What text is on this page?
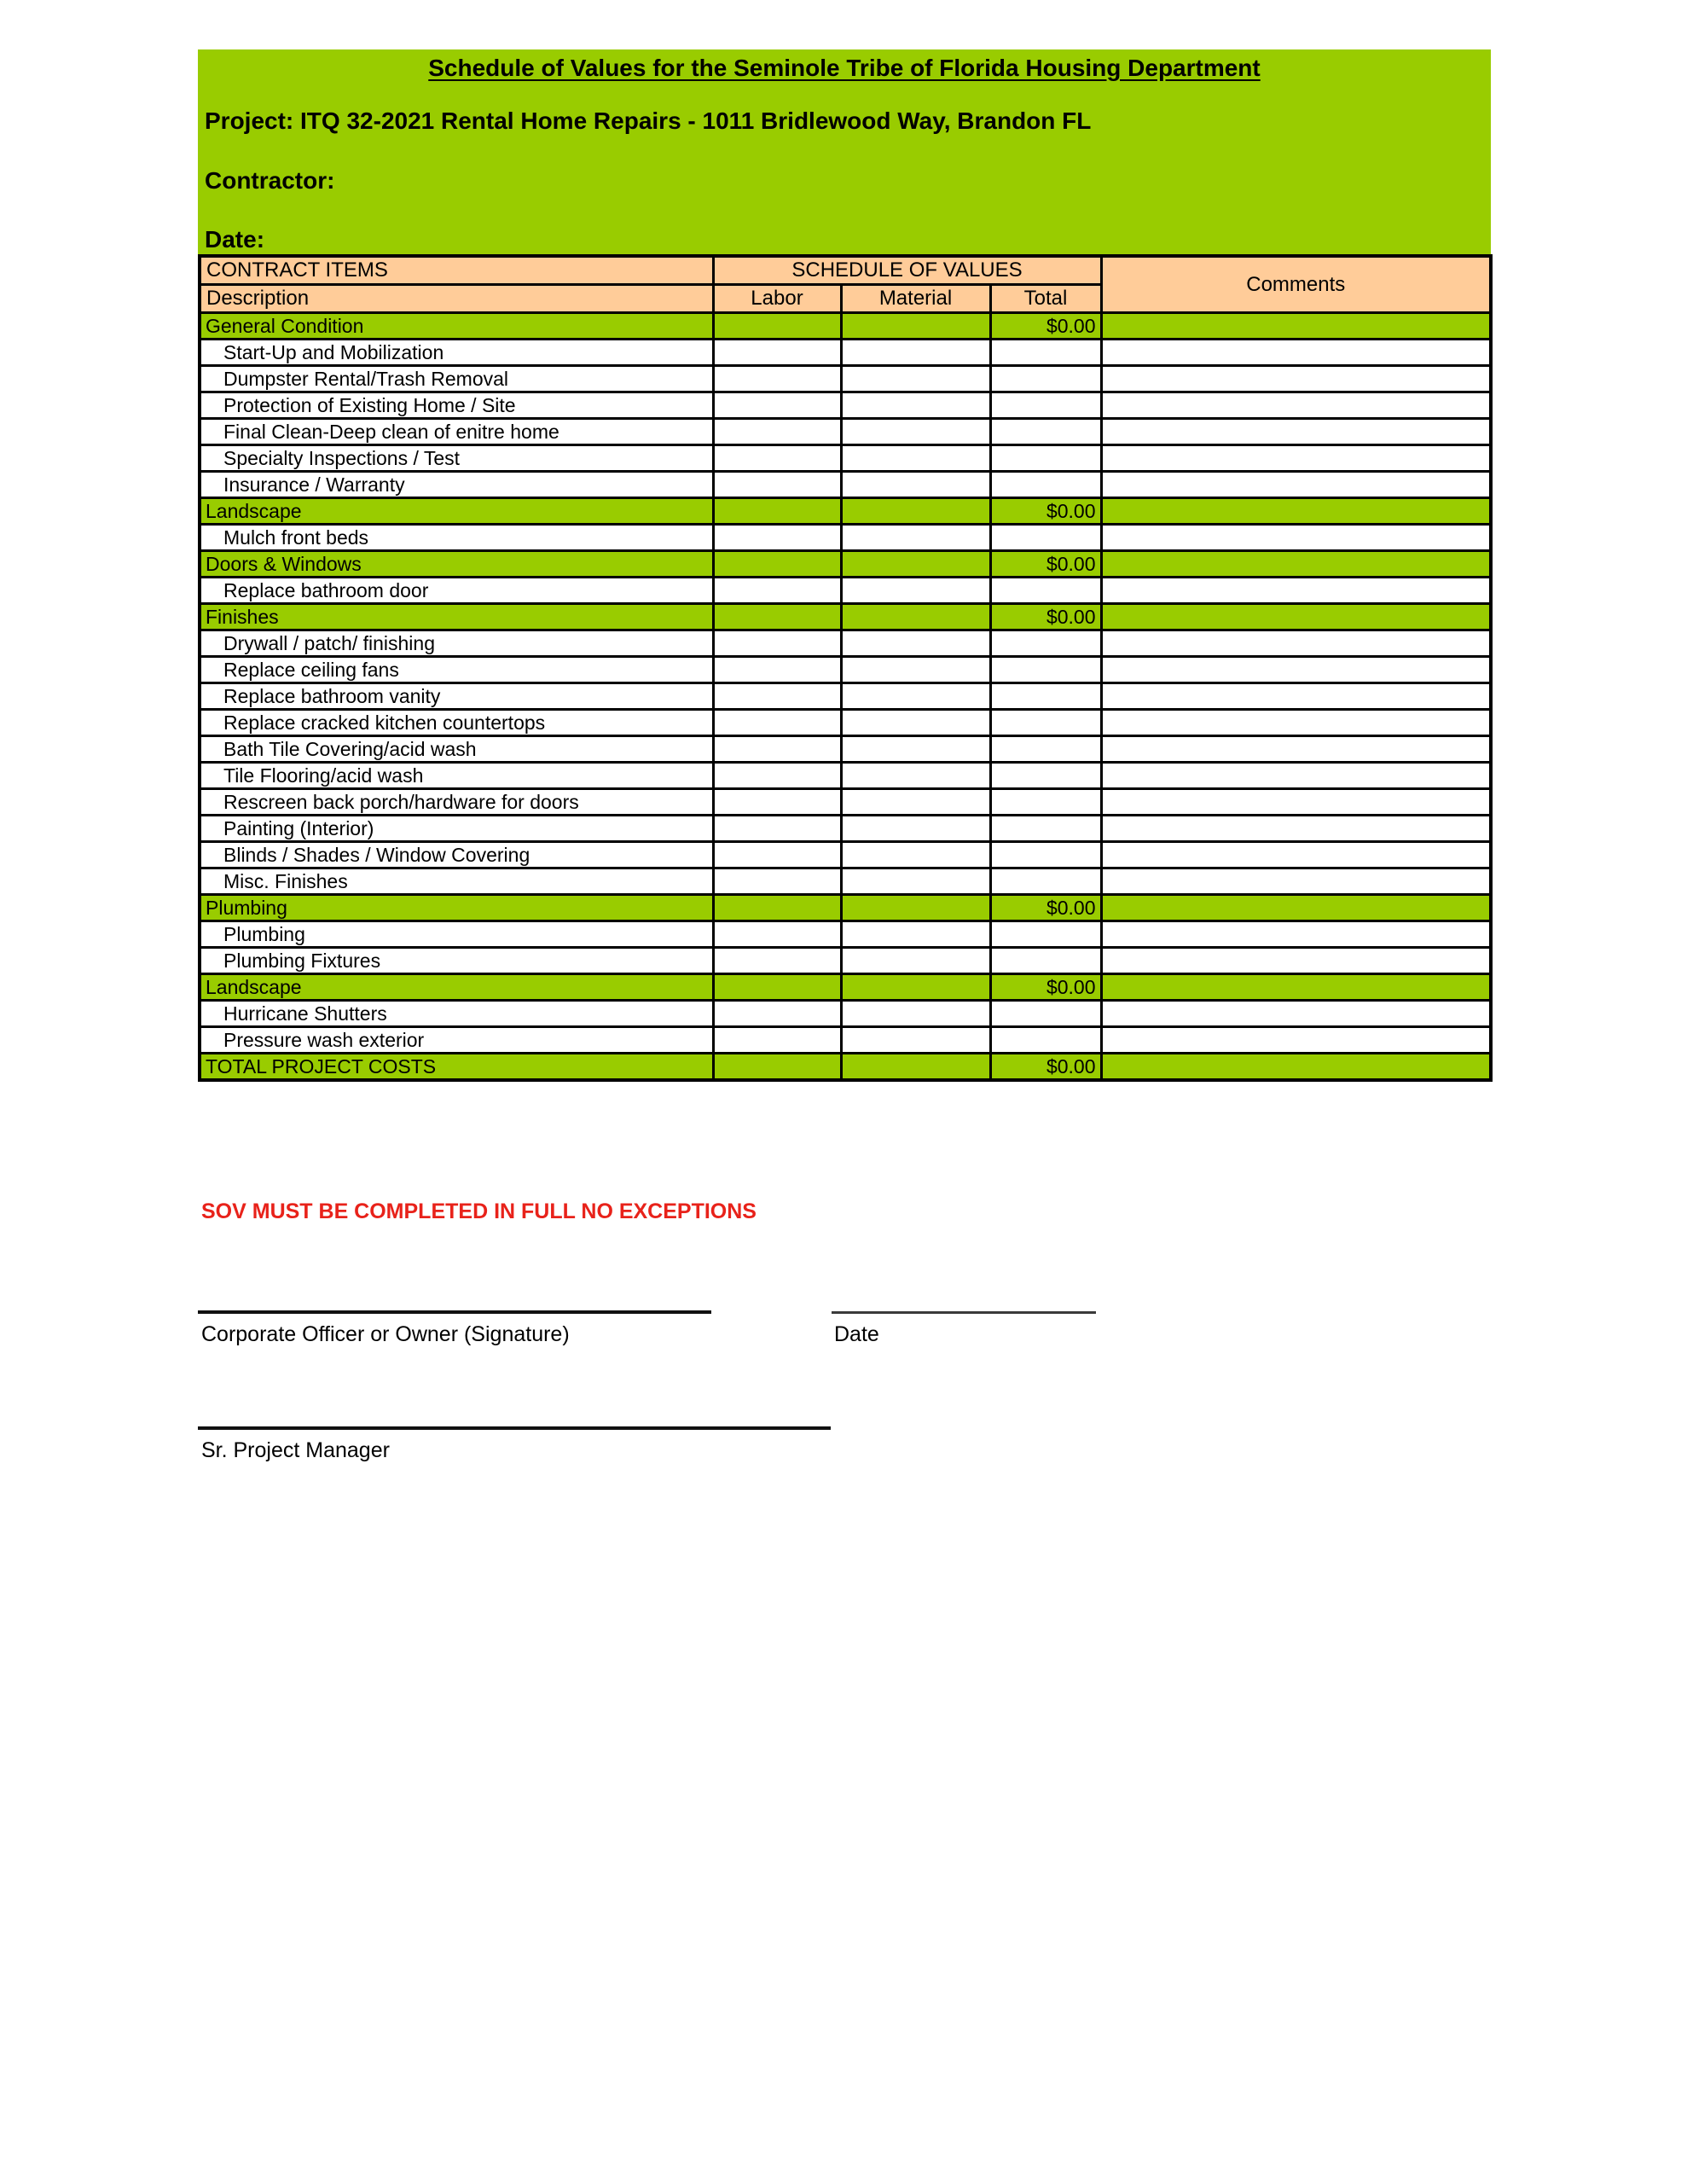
Schedule of Values for the Seminole Tribe of Florida Housing Department
Project: ITQ 32-2021 Rental Home Repairs - 1011 Bridlewood Way, Brandon FL
Contractor:
Date:
CONTRACT ITEMS	SCHEDULE OF VALUES			Comments
Description	Labor	Material	Total	
General Condition			$0.00	
Start-Up and Mobilization				
Dumpster Rental/Trash Removal				
Protection of Existing Home / Site				
Final Clean-Deep clean of enitre home				
Specialty Inspections / Test				
Insurance / Warranty				
Landscape			$0.00	
Mulch front beds				
Doors & Windows			$0.00	
Replace bathroom door				
Finishes			$0.00	
Drywall / patch/ finishing				
Replace ceiling fans				
Replace bathroom vanity				
Replace cracked kitchen countertops				
Bath Tile Covering/acid wash				
Tile Flooring/acid wash				
Rescreen back porch/hardware for doors				
Painting (Interior)				
Blinds / Shades / Window Covering				
Misc. Finishes				
Plumbing			$0.00	
Plumbing				
Plumbing Fixtures				
Landscape			$0.00	
Hurricane Shutters				
Pressure wash exterior				
TOTAL PROJECT COSTS			$0.00	
SOV MUST BE COMPLETED IN FULL NO EXCEPTIONS
Corporate Officer or Owner (Signature)	Date
Sr. Project Manager
